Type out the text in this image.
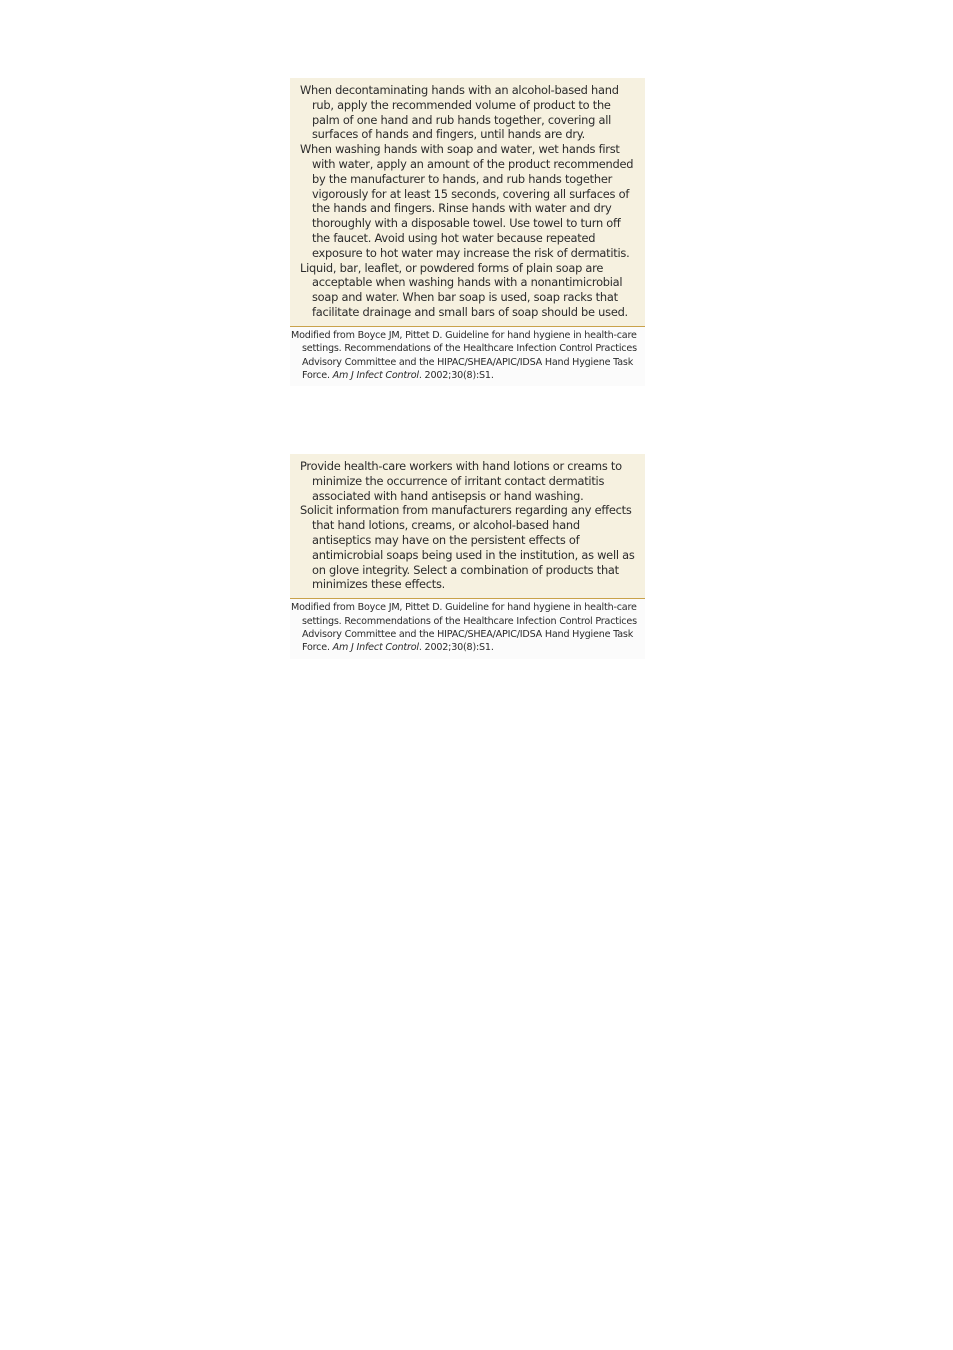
When decontaminating hands with an alcohol-based hand rub, apply the recommended volume of product to the palm of one hand and rub hands together, covering all surfaces of hands and fingers, until hands are dry.

When washing hands with soap and water, wet hands first with water, apply an amount of the product recommended by the manufacturer to hands, and rub hands together vigorously for at least 15 seconds, covering all surfaces of the hands and fingers. Rinse hands with water and dry thoroughly with a disposable towel. Use towel to turn off the faucet. Avoid using hot water because repeated exposure to hot water may increase the risk of dermatitis.

Liquid, bar, leaflet, or powdered forms of plain soap are acceptable when washing hands with a nonantimicrobial soap and water. When bar soap is used, soap racks that facilitate drainage and small bars of soap should be used.

Modified from Boyce JM, Pittet D. Guideline for hand hygiene in health-care settings. Recommendations of the Healthcare Infection Control Practices Advisory Committee and the HIPAC/SHEA/APIC/IDSA Hand Hygiene Task Force. Am J Infect Control. 2002;30(8):S1.

Provide health-care workers with hand lotions or creams to minimize the occurrence of irritant contact dermatitis associated with hand antisepsis or hand washing.

Solicit information from manufacturers regarding any effects that hand lotions, creams, or alcohol-based hand antiseptics may have on the persistent effects of antimicrobial soaps being used in the institution, as well as on glove integrity. Select a combination of products that minimizes these effects.

Modified from Boyce JM, Pittet D. Guideline for hand hygiene in health-care settings. Recommendations of the Healthcare Infection Control Practices Advisory Committee and the HIPAC/SHEA/APIC/IDSA Hand Hygiene Task Force. Am J Infect Control. 2002;30(8):S1.
